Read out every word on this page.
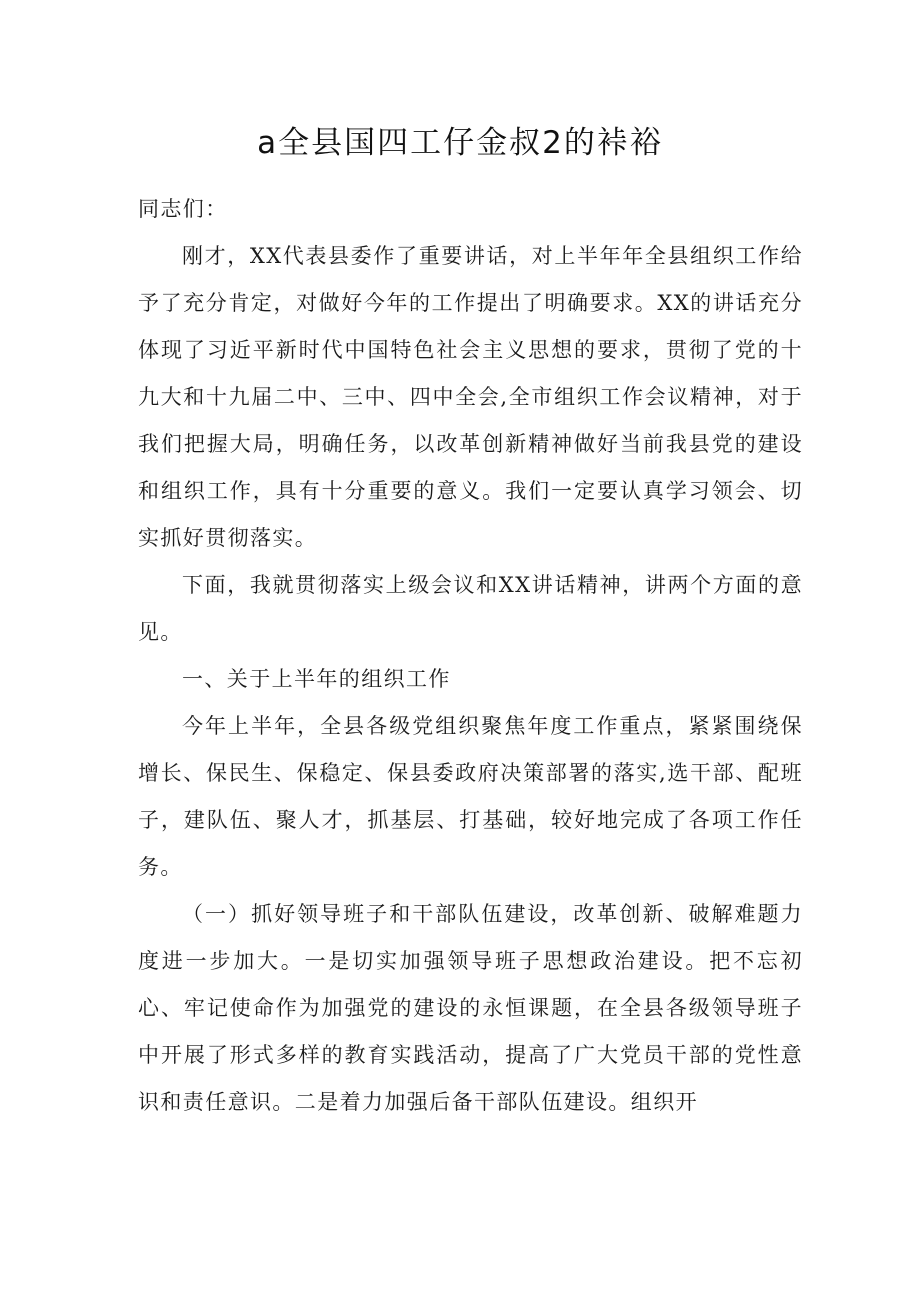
a全县国四工仔金叔2的裃裕

同志们：

刚才，XX代表县委作了重要讲话，对上半年年全县组织工作给予了充分肯定，对做好今年的工作提出了明确要求。XX的讲话充分体现了习近平新时代中国特色社会主义思想的要求，贯彻了党的十九大和十九届二中、三中、四中全会,全市组织工作会议精神，对于我们把握大局，明确任务，以改革创新精神做好当前我县党的建设和组织工作，具有十分重要的意义。我们一定要认真学习领会、切实抓好贯彻落实。

下面，我就贯彻落实上级会议和XX讲话精神，讲两个方面的意见。

一、关于上半年的组织工作

今年上半年，全县各级党组织聚焦年度工作重点，紧紧围绕保增长、保民生、保稳定、保县委政府决策部署的落实,选干部、配班子，建队伍、聚人才，抓基层、打基础，较好地完成了各项工作任务。

（一）抓好领导班子和干部队伍建设，改革创新、破解难题力度进一步加大。一是切实加强领导班子思想政治建设。把不忘初心、牢记使命作为加强党的建设的永恒课题，在全县各级领导班子中开展了形式多样的教育实践活动，提高了广大党员干部的党性意识和责任意识。二是着力加强后备干部队伍建设。组织开
